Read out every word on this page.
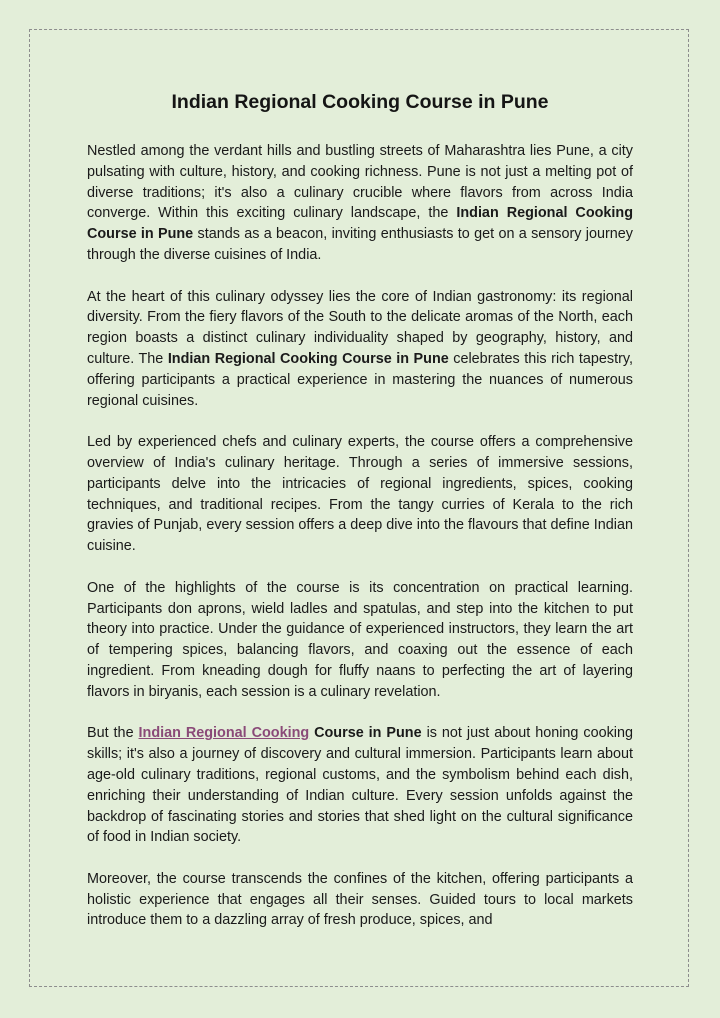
Indian Regional Cooking Course in Pune

Nestled among the verdant hills and bustling streets of Maharashtra lies Pune, a city pulsating with culture, history, and cooking richness. Pune is not just a melting pot of diverse traditions; it's also a culinary crucible where flavors from across India converge. Within this exciting culinary landscape, the Indian Regional Cooking Course in Pune stands as a beacon, inviting enthusiasts to get on a sensory journey through the diverse cuisines of India.

At the heart of this culinary odyssey lies the core of Indian gastronomy: its regional diversity. From the fiery flavors of the South to the delicate aromas of the North, each region boasts a distinct culinary individuality shaped by geography, history, and culture. The Indian Regional Cooking Course in Pune celebrates this rich tapestry, offering participants a practical experience in mastering the nuances of numerous regional cuisines.

Led by experienced chefs and culinary experts, the course offers a comprehensive overview of India's culinary heritage. Through a series of immersive sessions, participants delve into the intricacies of regional ingredients, spices, cooking techniques, and traditional recipes. From the tangy curries of Kerala to the rich gravies of Punjab, every session offers a deep dive into the flavours that define Indian cuisine.

One of the highlights of the course is its concentration on practical learning. Participants don aprons, wield ladles and spatulas, and step into the kitchen to put theory into practice. Under the guidance of experienced instructors, they learn the art of tempering spices, balancing flavors, and coaxing out the essence of each ingredient. From kneading dough for fluffy naans to perfecting the art of layering flavors in biryanis, each session is a culinary revelation.

But the Indian Regional Cooking Course in Pune is not just about honing cooking skills; it's also a journey of discovery and cultural immersion. Participants learn about age-old culinary traditions, regional customs, and the symbolism behind each dish, enriching their understanding of Indian culture. Every session unfolds against the backdrop of fascinating stories and stories that shed light on the cultural significance of food in Indian society.

Moreover, the course transcends the confines of the kitchen, offering participants a holistic experience that engages all their senses. Guided tours to local markets introduce them to a dazzling array of fresh produce, spices, and
